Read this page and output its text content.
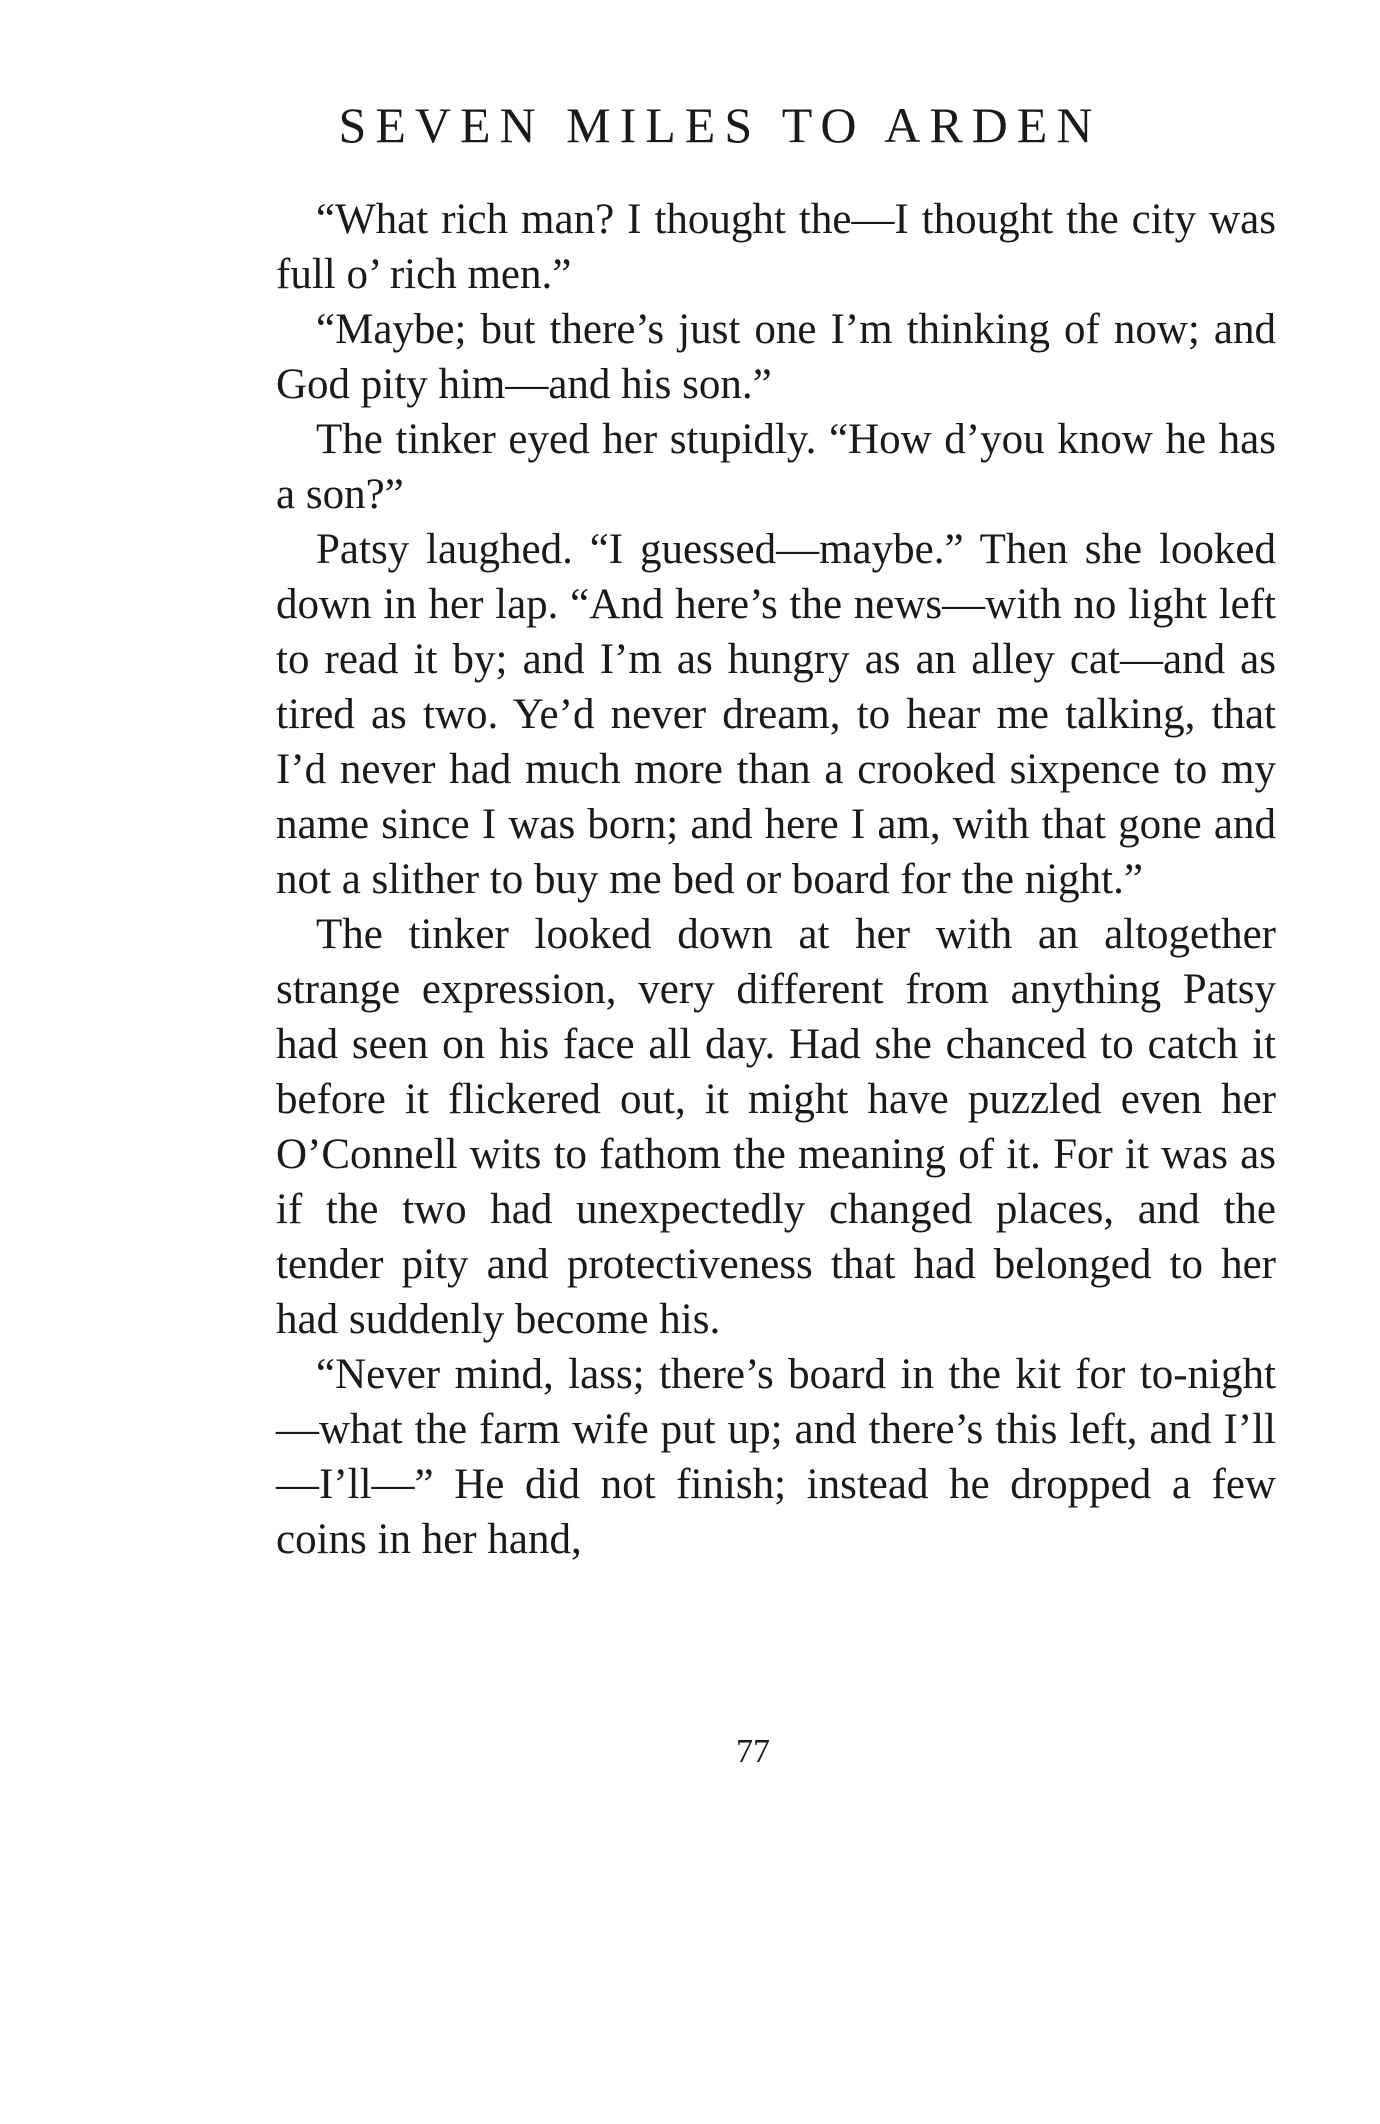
SEVEN MILES TO ARDEN

“What rich man? I thought the—I thought the city was full o’ rich men.”

“Maybe; but there’s just one I’m thinking of now; and God pity him—and his son.”

The tinker eyed her stupidly. “How d’you know he has a son?”

Patsy laughed. “I guessed—maybe.” Then she looked down in her lap. “And here’s the news—with no light left to read it by; and I’m as hungry as an alley cat—and as tired as two. Ye’d never dream, to hear me talking, that I’d never had much more than a crooked sixpence to my name since I was born; and here I am, with that gone and not a slither to buy me bed or board for the night.”

The tinker looked down at her with an altogether strange expression, very different from anything Patsy had seen on his face all day. Had she chanced to catch it before it flickered out, it might have puzzled even her O’Connell wits to fathom the meaning of it. For it was as if the two had unexpectedly changed places, and the tender pity and protectiveness that had belonged to her had suddenly become his.

“Never mind, lass; there’s board in the kit for to-night—what the farm wife put up; and there’s this left, and I’ll—I’ll—” He did not finish; instead he dropped a few coins in her hand,

77
